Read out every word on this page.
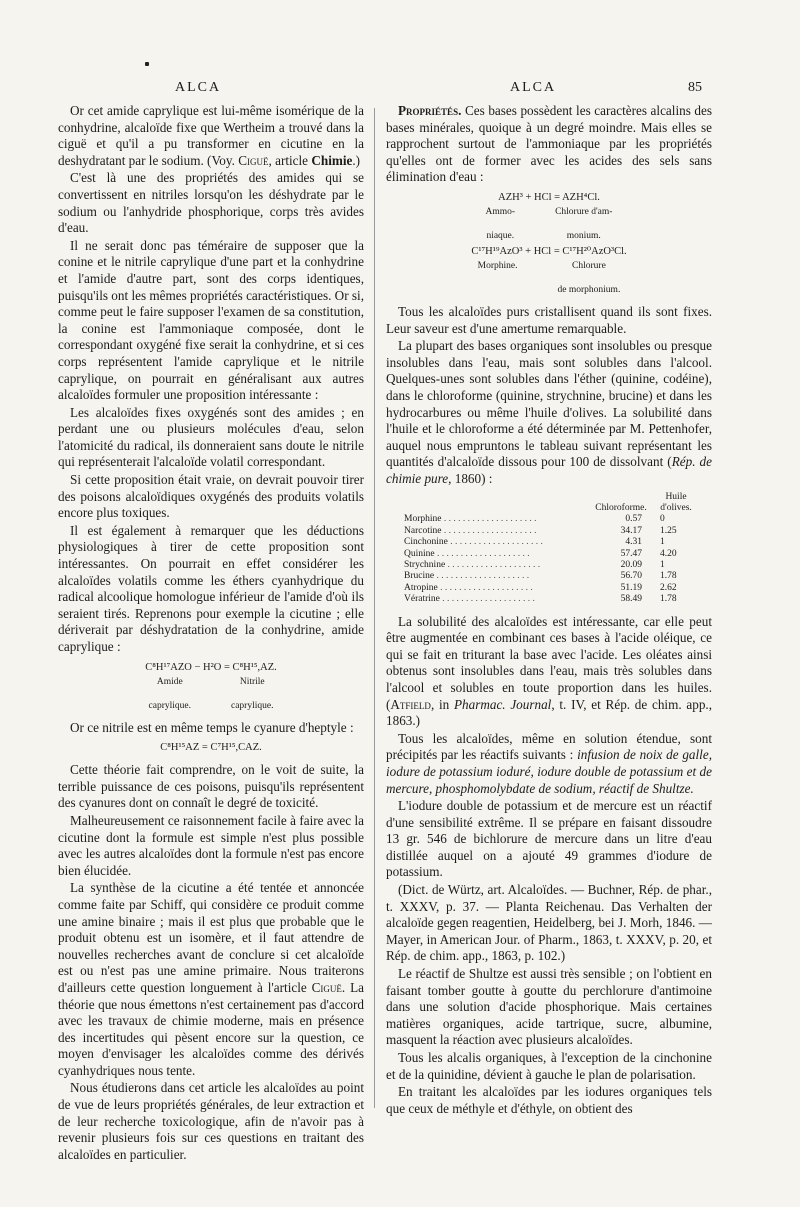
ALCA	ALCA	85

Or cet amide caprylique est lui-même isomérique de la conhydrine, alcaloïde fixe que Wertheim a trouvé dans la ciguë et qu'il a pu transformer en cicutine en la deshydratant par le sodium. (Voy. Ciguë, article Chimie.)

C'est là une des propriétés des amides qui se convertissent en nitriles lorsqu'on les déshydrate par le sodium ou l'anhydride phosphorique, corps très avides d'eau.

Il ne serait donc pas téméraire de supposer que la conine et le nitrile caprylique d'une part et la conhydrine et l'amide d'autre part, sont des corps identiques, puisqu'ils ont les mêmes propriétés caractéristiques. Or si, comme peut le faire supposer l'examen de sa constitution, la conine est l'ammoniaque composée, dont le correspondant oxygéné fixe serait la conhydrine, et si ces corps représentent l'amide caprylique et le nitrile caprylique, on pourrait en généralisant aux autres alcaloïdes formuler une proposition intéressante :

Les alcaloïdes fixes oxygénés sont des amides ; en perdant une ou plusieurs molécules d'eau, selon l'atomicité du radical, ils donneraient sans doute le nitrile qui représenterait l'alcaloïde volatil correspondant.

Si cette proposition était vraie, on devrait pouvoir tirer des poisons alcaloïdiques oxygénés des produits volatils encore plus toxiques.

Il est également à remarquer que les déductions physiologiques à tirer de cette proposition sont intéressantes. On pourrait en effet considérer les alcaloïdes volatils comme les éthers cyanhydrique du radical alcoolique homologue inférieur de l'amide d'où ils seraient tirés. Reprenons pour exemple la cicutine ; elle dériverait par déshydratation de la conhydrine, amide caprylique :

C⁸H¹⁷AZO − H²O = C⁸H¹⁵,AZ.
Amide

caprylique.
Nitrile

caprylique.

Or ce nitrile est en même temps le cyanure d'heptyle :

C⁸H¹⁵AZ = C⁷H¹⁵,CAZ.

Cette théorie fait comprendre, on le voit de suite, la terrible puissance de ces poisons, puisqu'ils représentent des cyanures dont on connaît le degré de toxicité.

Malheureusement ce raisonnement facile à faire avec la cicutine dont la formule est simple n'est plus possible avec les autres alcaloïdes dont la formule n'est pas encore bien élucidée.

La synthèse de la cicutine a été tentée et annoncée comme faite par Schiff, qui considère ce produit comme une amine binaire ; mais il est plus que probable que le produit obtenu est un isomère, et il faut attendre de nouvelles recherches avant de conclure si cet alcaloïde est ou n'est pas une amine primaire. Nous traiterons d'ailleurs cette question longuement à l'article Ciguë. La théorie que nous émettons n'est certainement pas d'accord avec les travaux de chimie moderne, mais en présence des incertitudes qui pèsent encore sur la question, ce moyen d'envisager les alcaloïdes comme des dérivés cyanhydriques nous tente.

Nous étudierons dans cet article les alcaloïdes au point de vue de leurs propriétés générales, de leur extraction et de leur recherche toxicologique, afin de n'avoir pas à revenir plusieurs fois sur ces questions en traitant des alcaloïdes en particulier.

Propriétés. Ces bases possèdent les caractères alcalins des bases minérales, quoique à un degré moindre. Mais elles se rapprochent surtout de l'ammoniaque par les propriétés qu'elles ont de former avec les acides des sels sans élimination d'eau :

AZH³ + HCl = AZH⁴Cl.
Ammo-

niaque.
Chlorure d'am-

monium.
C¹⁷H¹⁹AzO³ + HCl = C¹⁷H²⁰AzO³Cl.
Morphine.	Chlorure

de morphonium.

Tous les alcaloïdes purs cristallisent quand ils sont fixes. Leur saveur est d'une amertume remarquable.

La plupart des bases organiques sont insolubles ou presque insolubles dans l'eau, mais sont solubles dans l'alcool. Quelques-unes sont solubles dans l'éther (quinine, codéine), dans le chloroforme (quinine, strychnine, brucine) et dans les hydrocarbures ou même l'huile d'olives. La solubilité dans l'huile et le chloroforme a été déterminée par M. Pettenhofer, auquel nous empruntons le tableau suivant représentant les quantités d'alcaloïde dissous pour 100 de dissolvant (Rép. de chimie pure, 1860) :

	Chloroforme.	Huile
d'olives.

Morphine . . .	0.57	0

Narcotine . . .	34.17	1.25

Cinchonine . . .	4.31	1

Quinine . . .	57.47	4.20

Strychnine . . .	20.09	1

Brucine . . .	56.70	1.78

Atropine . . .	51.19	2.62

Vératrine . . .	58.49	1.78

La solubilité des alcaloïdes est intéressante, car elle peut être augmentée en combinant ces bases à l'acide oléique, ce qui se fait en triturant la base avec l'acide. Les oléates ainsi obtenus sont insolubles dans l'eau, mais très solubles dans l'alcool et solubles en toute proportion dans les huiles. (Atfield, in Pharmac. Journal, t. IV, et Rép. de chim. app., 1863.)

Tous les alcaloïdes, même en solution étendue, sont précipités par les réactifs suivants : infusion de noix de galle, iodure de potassium ioduré, iodure double de potassium et de mercure, phosphomolybdate de sodium, réactif de Shultze.

L'iodure double de potassium et de mercure est un réactif d'une sensibilité extrême. Il se prépare en faisant dissoudre 13 gr. 546 de bichlorure de mercure dans un litre d'eau distillée auquel on a ajouté 49 grammes d'iodure de potassium.

(Dict. de Würtz, art. Alcaloïdes. — Buchner, Rép. de phar., t. XXXV, p. 37. — Planta Reichenau. Das Verhalten der alcaloïde gegen reagentien, Heidelberg, bei J. Morh, 1846. — Mayer, in American Jour. of Pharm., 1863, t. XXXV, p. 20, et Rép. de chim. app., 1863, p. 102.)

Le réactif de Shultze est aussi très sensible ; on l'obtient en faisant tomber goutte à goutte du perchlorure d'antimoine dans une solution d'acide phosphorique. Mais certaines matières organiques, acide tartrique, sucre, albumine, masquent la réaction avec plusieurs alcaloïdes.

Tous les alcalis organiques, à l'exception de la cinchonine et de la quinidine, dévient à gauche le plan de polarisation.

En traitant les alcaloïdes par les iodures organiques tels que ceux de méthyle et d'éthyle, on obtient des
